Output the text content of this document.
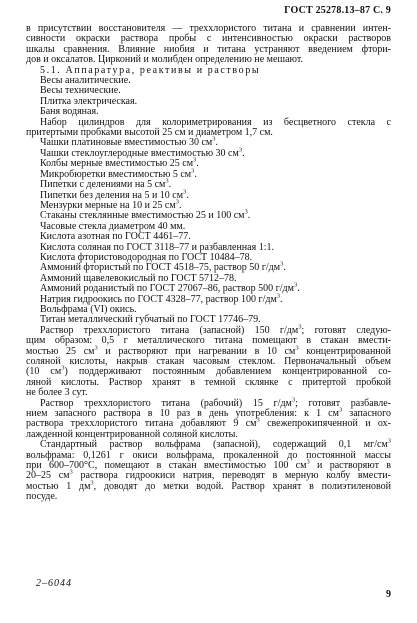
ГОСТ 25278.13–87 С. 9

в присутствии восстановителя — треххлористого титана и сравнении интен-

сивности окраски раствора пробы с интенсивностью окраски растворов

шкалы сравнения. Влияние ниобия и титана устраняют введением фтори-

дов и оксалатов. Цирконий и молибден определению не мешают.

5.1. Аппаратура, реактивы и растворы

Весы аналитические.

Весы технические.

Плитка электрическая.

Баня водяная.

Набор цилиндров для колориметрирования из бесцветного стекла с

притертыми пробками высотой 25 см и диаметром 1,7 см.

Чашки платиновые вместимостью 30 $см^3$.

Чашки стеклоуглеродные вместимостью 30 $см^3$.

Колбы мерные вместимостью 25 $см^3$.

Микробюретки вместимостью 5 $см^3$.

Пипетки с делениями на 5 $см^3$.

Пипетки без деления на 5 и 10 $см^3$.

Мензурки мерные на 10 и 25 $см^3$.

Стаканы стеклянные вместимостью 25 и 100 $см^3$.

Часовые стекла диаметром 40 мм.

Кислота азотная по ГОСТ 4461–77.

Кислота соляная по ГОСТ 3118–77 и разбавленная 1:1.

Кислота фтористоводородная по ГОСТ 10484–78.

Аммоний фтористый по ГОСТ 4518–75, раствор 50 $г/дм^3$.

Аммоний щавелевокислый по ГОСТ 5712–78.

Аммоний роданистый по ГОСТ 27067–86, раствор 500 $г/дм^3$.

Натрия гидроокись по ГОСТ 4328–77, раствор 100 $г/дм^3$.

Вольфрама (VI) окись.

Титан металлический губчатый по ГОСТ 17746–79.

Раствор треххлористого титана (запасной) 150 $г/дм^3$; готовят следую-

щим образом: 0,5 г металлического титана помещают в стакан вмести-

мостью 25 $см^3$ и растворяют при нагревании в 10 $см^3$ концентрированной

соляной кислоты, накрыв стакан часовым стеклом. Первоначальный объем

(10 $см^3$) поддерживают постоянным добавлением концентрированной со-

ляной кислоты. Раствор хранят в темной склянке с притертой пробкой

не более 3 сут.

Раствор треххлористого титана (рабочий) 15 $г/дм^3$; готовят разбавле-

нием запасного раствора в 10 раз в день употребления: к 1 $см^3$ запасного

раствора треххлористого титана добавляют 9 $см^3$ свежепрокипяченной и ох-

лажденной концентрированной соляной кислоты.

Стандартный раствор вольфрама (запасной), содержащий 0,1 $мг/см^3$

вольфрама: 0,1261 г окиси вольфрама, прокаленной до постоянной массы

при 600–700°С, помещают в стакан вместимостью 100 $см^3$ и растворяют в

20–25 $см^3$ раствора гидроокиси натрия, переводят в мерную колбу вмести-

мостью 1 $дм^3$, доводят до метки водой. Раствор хранят в полиэтиленовой

посуде.

2–6044
9
